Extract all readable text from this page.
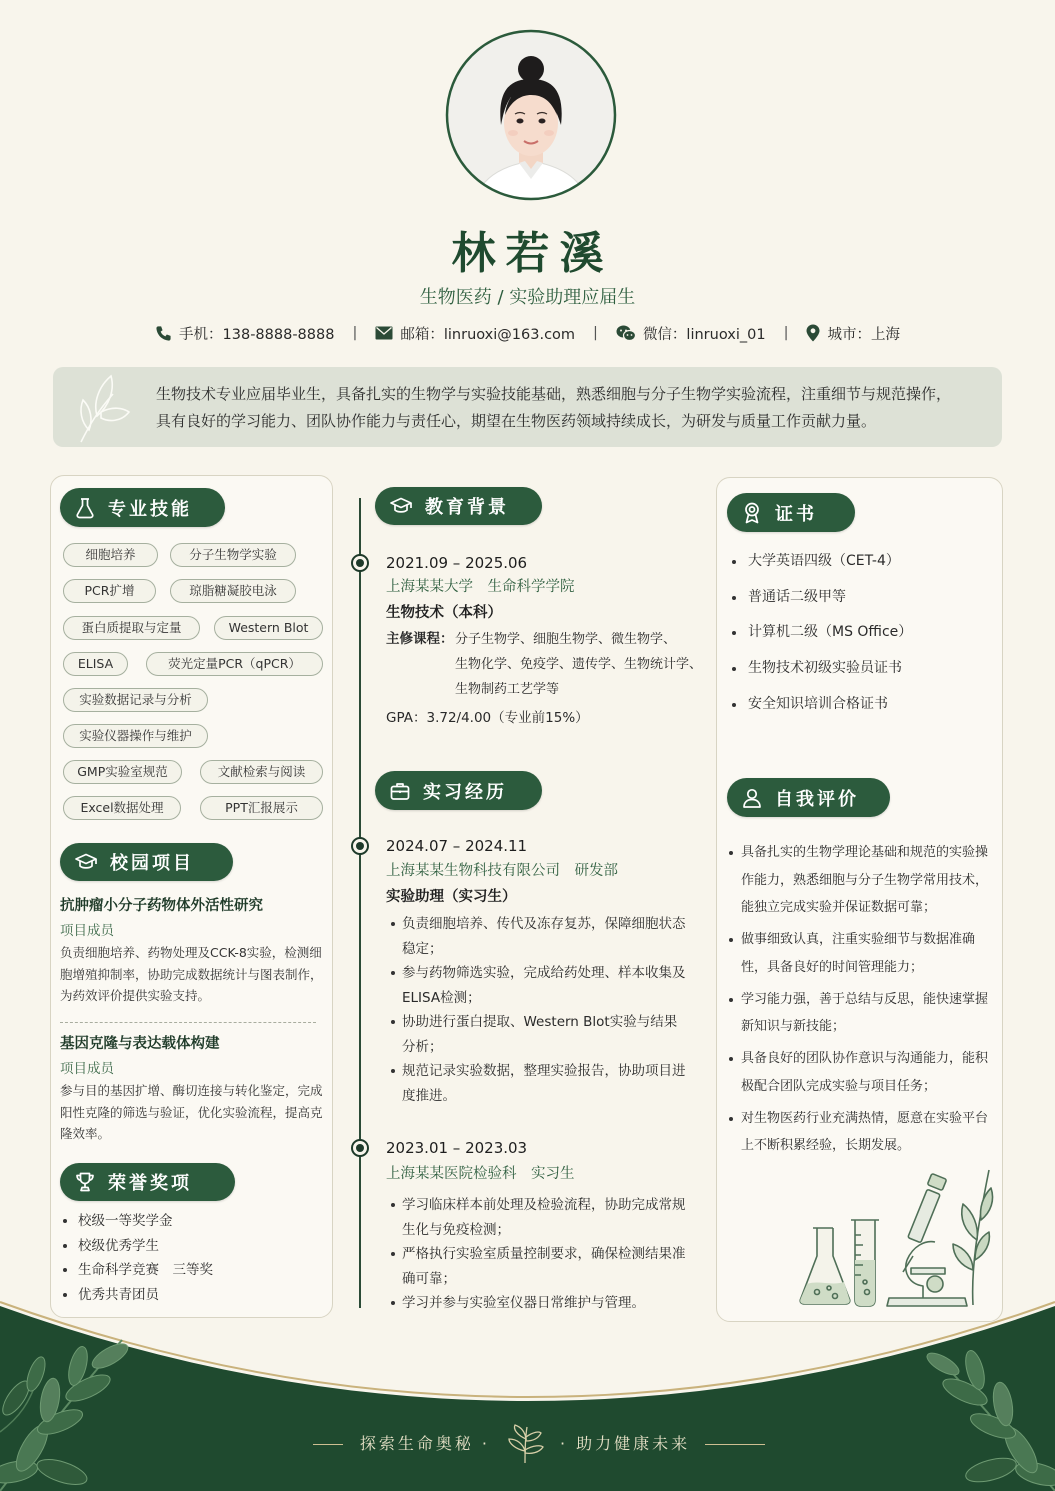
探索生命奥秘 ·	· 助力健康未来
林若溪
生物医药 / 实验助理应届生
手机：138-8888-8888 |	邮箱：linruoxi@163.com |	微信：linruoxi_01 |	城市：上海
生物技术专业应届毕业生，具备扎实的生物学与实验技能基础，熟悉细胞与分子生物学实验流程，注重细节与规范操作，
具有良好的学习能力、团队协作能力与责任心，期望在生物医药领域持续成长，为研发与质量工作贡献力量。
专业技能
细胞培养	分子生物学实验
PCR扩增	琼脂糖凝胶电泳
蛋白质提取与定量	Western Blot
ELISA	荧光定量PCR（qPCR）
实验数据记录与分析
实验仪器操作与维护
GMP实验室规范	文献检索与阅读
Excel数据处理	PPT汇报展示
校园项目
抗肿瘤小分子药物体外活性研究
项目成员
负责细胞培养、药物处理及CCK-8实验，检测细胞增殖抑制率，协助完成数据统计与图表制作，为药效评价提供实验支持。
基因克隆与表达载体构建
项目成员
参与目的基因扩增、酶切连接与转化鉴定，完成阳性克隆的筛选与验证，优化实验流程，提高克隆效率。
荣誉奖项
校级一等奖学金
校级优秀学生
生命科学竞赛　三等奖
优秀共青团员
教育背景
2021.09 – 2025.06
上海某某大学　生命科学学院
生物技术（本科）
主修课程： 分子生物学、细胞生物学、微生物学、
生物化学、免疫学、遗传学、生物统计学、
生物制药工艺学等
GPA：3.72/4.00（专业前15%）
实习经历
2024.07 – 2024.11
上海某某生物科技有限公司　研发部
实验助理（实习生）
负责细胞培养、传代及冻存复苏，保障细胞状态稳定；
参与药物筛选实验，完成给药处理、样本收集及ELISA检测；
协助进行蛋白提取、Western Blot实验与结果分析；
规范记录实验数据，整理实验报告，协助项目进度推进。
2023.01 – 2023.03
上海某某医院检验科　实习生
学习临床样本前处理及检验流程，协助完成常规生化与免疫检测；
严格执行实验室质量控制要求，确保检测结果准确可靠；
学习并参与实验室仪器日常维护与管理。
证书
大学英语四级（CET-4）
普通话二级甲等
计算机二级（MS Office）
生物技术初级实验员证书
安全知识培训合格证书
自我评价
具备扎实的生物学理论基础和规范的实验操作能力，熟悉细胞与分子生物学常用技术，能独立完成实验并保证数据可靠；
做事细致认真，注重实验细节与数据准确性，具备良好的时间管理能力；
学习能力强，善于总结与反思，能快速掌握新知识与新技能；
具备良好的团队协作意识与沟通能力，能积极配合团队完成实验与项目任务；
对生物医药行业充满热情，愿意在实验平台上不断积累经验，长期发展。
